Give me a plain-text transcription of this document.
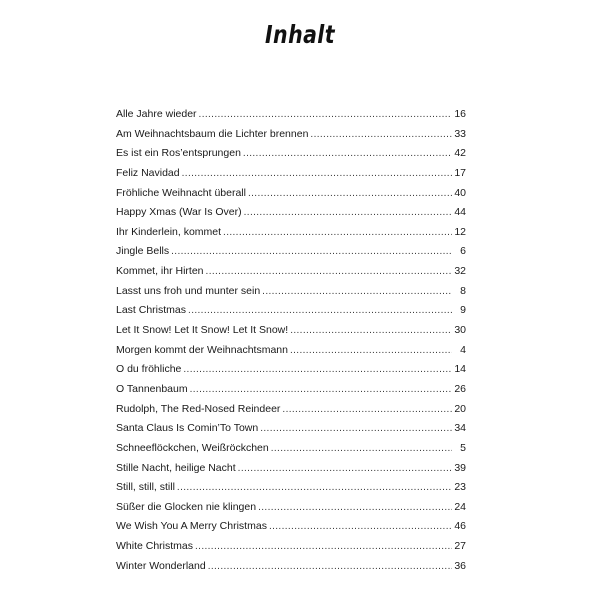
Inhalt
Alle Jahre wieder . . .	16
Am Weihnachtsbaum die Lichter brennen . . .	33
Es ist ein Ros’entsprungen . . .	42
Feliz Navidad . . .	17
Fröhliche Weihnacht überall . . .	40
Happy Xmas (War Is Over) . . .	44
Ihr Kinderlein, kommet . . .	12
Jingle Bells . . .	6
Kommet, ihr Hirten . . .	32
Lasst uns froh und munter sein . . .	8
Last Christmas . . .	9
Let It Snow! Let It Snow! Let It Snow! . . .	30
Morgen kommt der Weihnachtsmann . . .	4
O du fröhliche . . .	14
O Tannenbaum . . .	26
Rudolph, The Red-Nosed Reindeer . . .	20
Santa Claus Is Comin’To Town . . .	34
Schneeflöckchen, Weißröckchen . . .	5
Stille Nacht, heilige Nacht . . .	39
Still, still, still . . .	23
Süßer die Glocken nie klingen . . .	24
We Wish You A Merry Christmas . . .	46
White Christmas . . .	27
Winter Wonderland . . .	36
